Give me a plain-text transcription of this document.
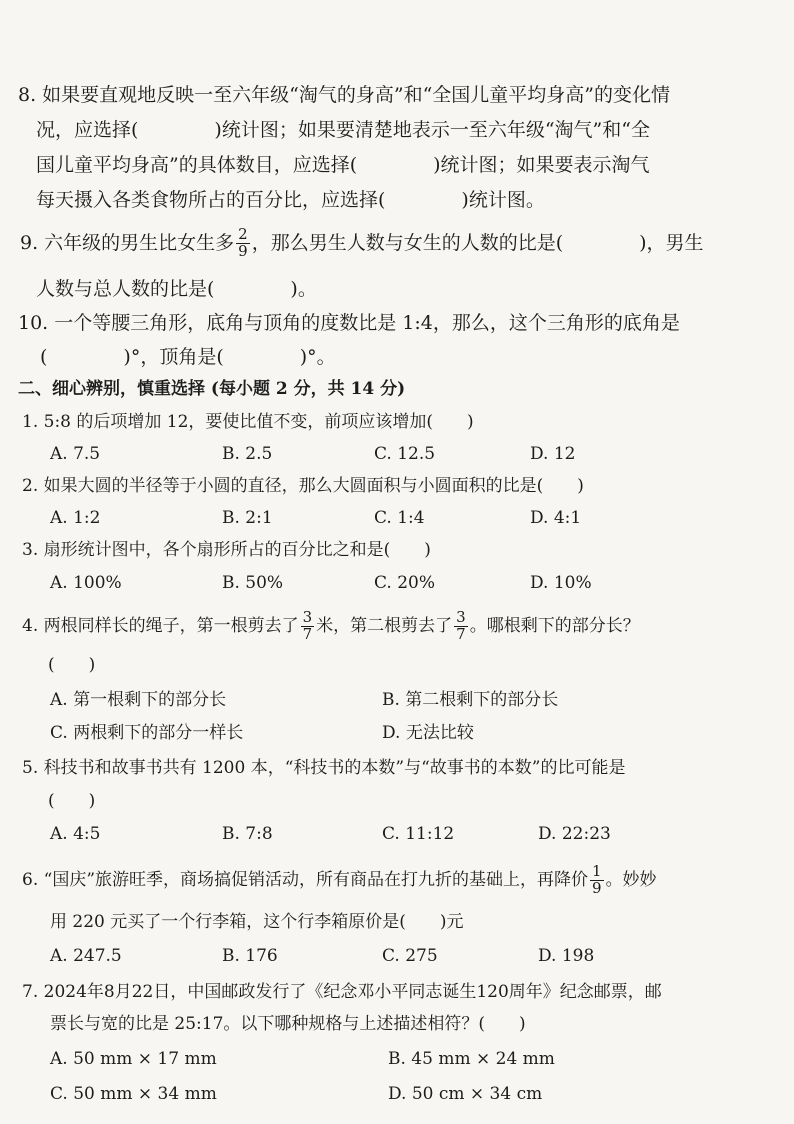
8. 如果要直观地反映一至六年级“淘气的身高”和“全国儿童平均身高”的变化情
况，应选择(　　　　)统计图；如果要清楚地表示一至六年级“淘气”和“全
国儿童平均身高”的具体数目，应选择(　　　　)统计图；如果要表示淘气
每天摄入各类食物所占的百分比，应选择(　　　　)统计图。
9. 六年级的男生比女生多 $\frac{2}{9}$ ，那么男生人数与女生的人数的比是(　　　　)，男生
人数与总人数的比是(　　　　)。
10. 一个等腰三角形，底角与顶角的度数比是 1:4，那么，这个三角形的底角是
(　　　　)°，顶角是(　　　　)°。
二、细心辨别，慎重选择 (每小题 2 分，共 14 分)
1. 5:8 的后项增加 12，要使比值不变，前项应该增加(　　)
A. 7.5	B. 2.5	C. 12.5	D. 12
2. 如果大圆的半径等于小圆的直径，那么大圆面积与小圆面积的比是(　　)
A. 1:2	B. 2:1	C. 1:4	D. 4:1
3. 扇形统计图中，各个扇形所占的百分比之和是(　　)
A. 100%	B. 50%	C. 20%	D. 10%
4. 两根同样长的绳子，第一根剪去了 $\frac{3}{7}$ 米，第二根剪去了 $\frac{3}{7}$ 。哪根剩下的部分长？
(　　)
A. 第一根剩下的部分长	B. 第二根剩下的部分长
C. 两根剩下的部分一样长	D. 无法比较
5. 科技书和故事书共有 1200 本，“科技书的本数”与“故事书的本数”的比可能是
(　　)
A. 4:5	B. 7:8	C. 11:12	D. 22:23
6. “国庆”旅游旺季，商场搞促销活动，所有商品在打九折的基础上，再降价 $\frac{1}{9}$ 。妙妙
用 220 元买了一个行李箱，这个行李箱原价是(　　)元
A. 247.5	B. 176	C. 275	D. 198
7. 2024年8月22日，中国邮政发行了《纪念邓小平同志诞生120周年》纪念邮票，邮
票长与宽的比是 25:17。以下哪种规格与上述描述相符？(　　)
A. 50 mm × 17 mm	B. 45 mm × 24 mm
C. 50 mm × 34 mm	D. 50 cm × 34 cm
